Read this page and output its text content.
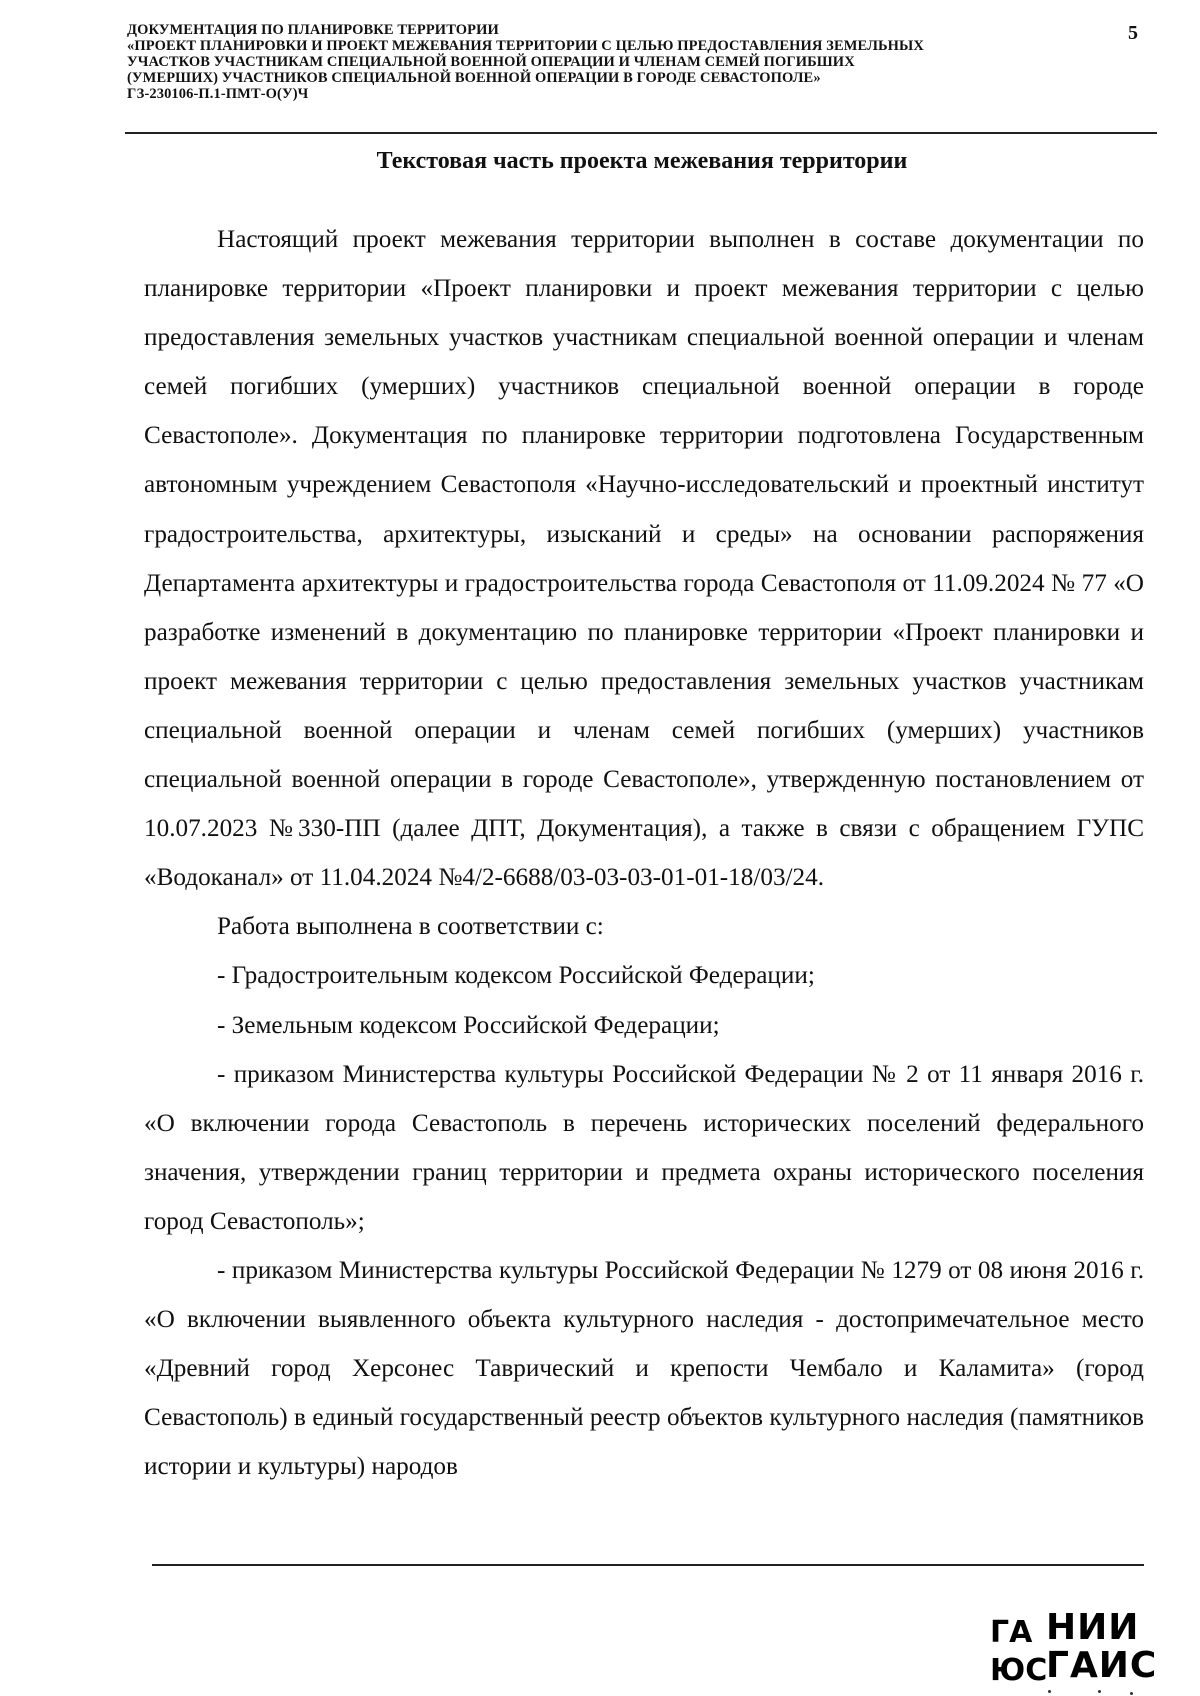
ДОКУМЕНТАЦИЯ ПО ПЛАНИРОВКЕ ТЕРРИТОРИИ
«ПРОЕКТ ПЛАНИРОВКИ И ПРОЕКТ МЕЖЕВАНИЯ ТЕРРИТОРИИ С ЦЕЛЬЮ ПРЕДОСТАВЛЕНИЯ ЗЕМЕЛЬНЫХ
УЧАСТКОВ УЧАСТНИКАМ СПЕЦИАЛЬНОЙ ВОЕННОЙ ОПЕРАЦИИ И ЧЛЕНАМ СЕМЕЙ ПОГИБШИХ
(УМЕРШИХ) УЧАСТНИКОВ СПЕЦИАЛЬНОЙ ВОЕННОЙ ОПЕРАЦИИ В ГОРОДЕ СЕВАСТОПОЛЕ»
ГЗ-230106-П.1-ПМТ-О(У)Ч
5
Текстовая часть проекта межевания территории

Настоящий проект межевания территории выполнен в составе документации по планировке территории «Проект планировки и проект межевания территории с целью предоставления земельных участков участникам специальной военной операции и членам семей погибших (умерших) участников специальной военной операции в городе Севастополе». Документация по планировке территории подготовлена Государственным автономным учреждением Севастополя «Научно-исследовательский и проектный институт градостроительства, архитектуры, изысканий и среды» на основании распоряжения Департамента архитектуры и градостроительства города Севастополя от 11.09.2024 № 77 «О разработке изменений в документацию по планировке территории «Проект планировки и проект межевания территории с целью предоставления земельных участков участникам специальной военной операции и членам семей погибших (умерших) участников специальной военной операции в городе Севастополе», утвержденную постановлением от 10.07.2023 №330-ПП (далее ДПТ, Документация), а также в связи с обращением ГУПС «Водоканал» от 11.04.2024 №4/2-6688/03-03-03-01-01-18/03/24.

Работа выполнена в соответствии с:

- Градостроительным кодексом Российской Федерации;

- Земельным кодексом Российской Федерации;

- приказом Министерства культуры Российской Федерации № 2 от 11 января 2016 г. «О включении города Севастополь в перечень исторических поселений федерального значения, утверждении границ территории и предмета охраны исторического поселения город Севастополь»;

- приказом Министерства культуры Российской Федерации № 1279 от 08 июня 2016 г. «О включении выявленного объекта культурного наследия - достопримечательное место «Древний город Херсонес Таврический и крепости Чембало и Каламита» (город Севастополь) в единый государственный реестр объектов культурного наследия (памятников истории и культуры) народов

ГА
ЮС
НИИ
ГАИС
